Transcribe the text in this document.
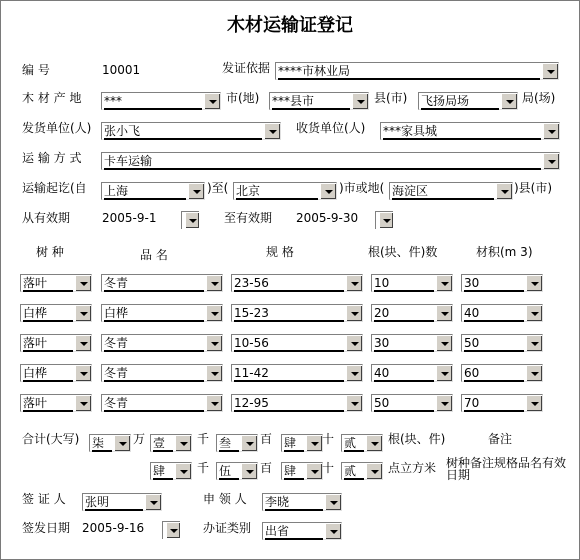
木材运输证登记
编 号	10001	发证依据 ****市林业局
木 材 产 地 ***	市(地) ***县市	县(市) 飞扬局场	局(场)
发货单位(人) 张小飞	收货单位(人) ***家具城
运 输 方 式 卡车运输
运输起讫(自 上海	)至( 北京	)市或地( 海淀区	)县(市)
从有效期	2005-9-1	至有效期 2005-9-30
树 种	品 名	规 格	根(块、件)数	材积(m 3)
落叶	冬青	23-56	10	30
白桦	白桦	15-23	20	40
落叶	冬青	10-56	30	50
白桦	冬青	11-42	40	60
落叶	冬青	12-95	50	70
合计(大写) 柒	万 壹	千 叁	百 肆	十 贰	根(块、件)
肆	千 伍	百 肆	十 贰	点立方米
备注
树种备注规格品名有效
日期
签 证 人 张明	申 领 人 李晓
签发日期 2005-9-16	办证类别 出省
